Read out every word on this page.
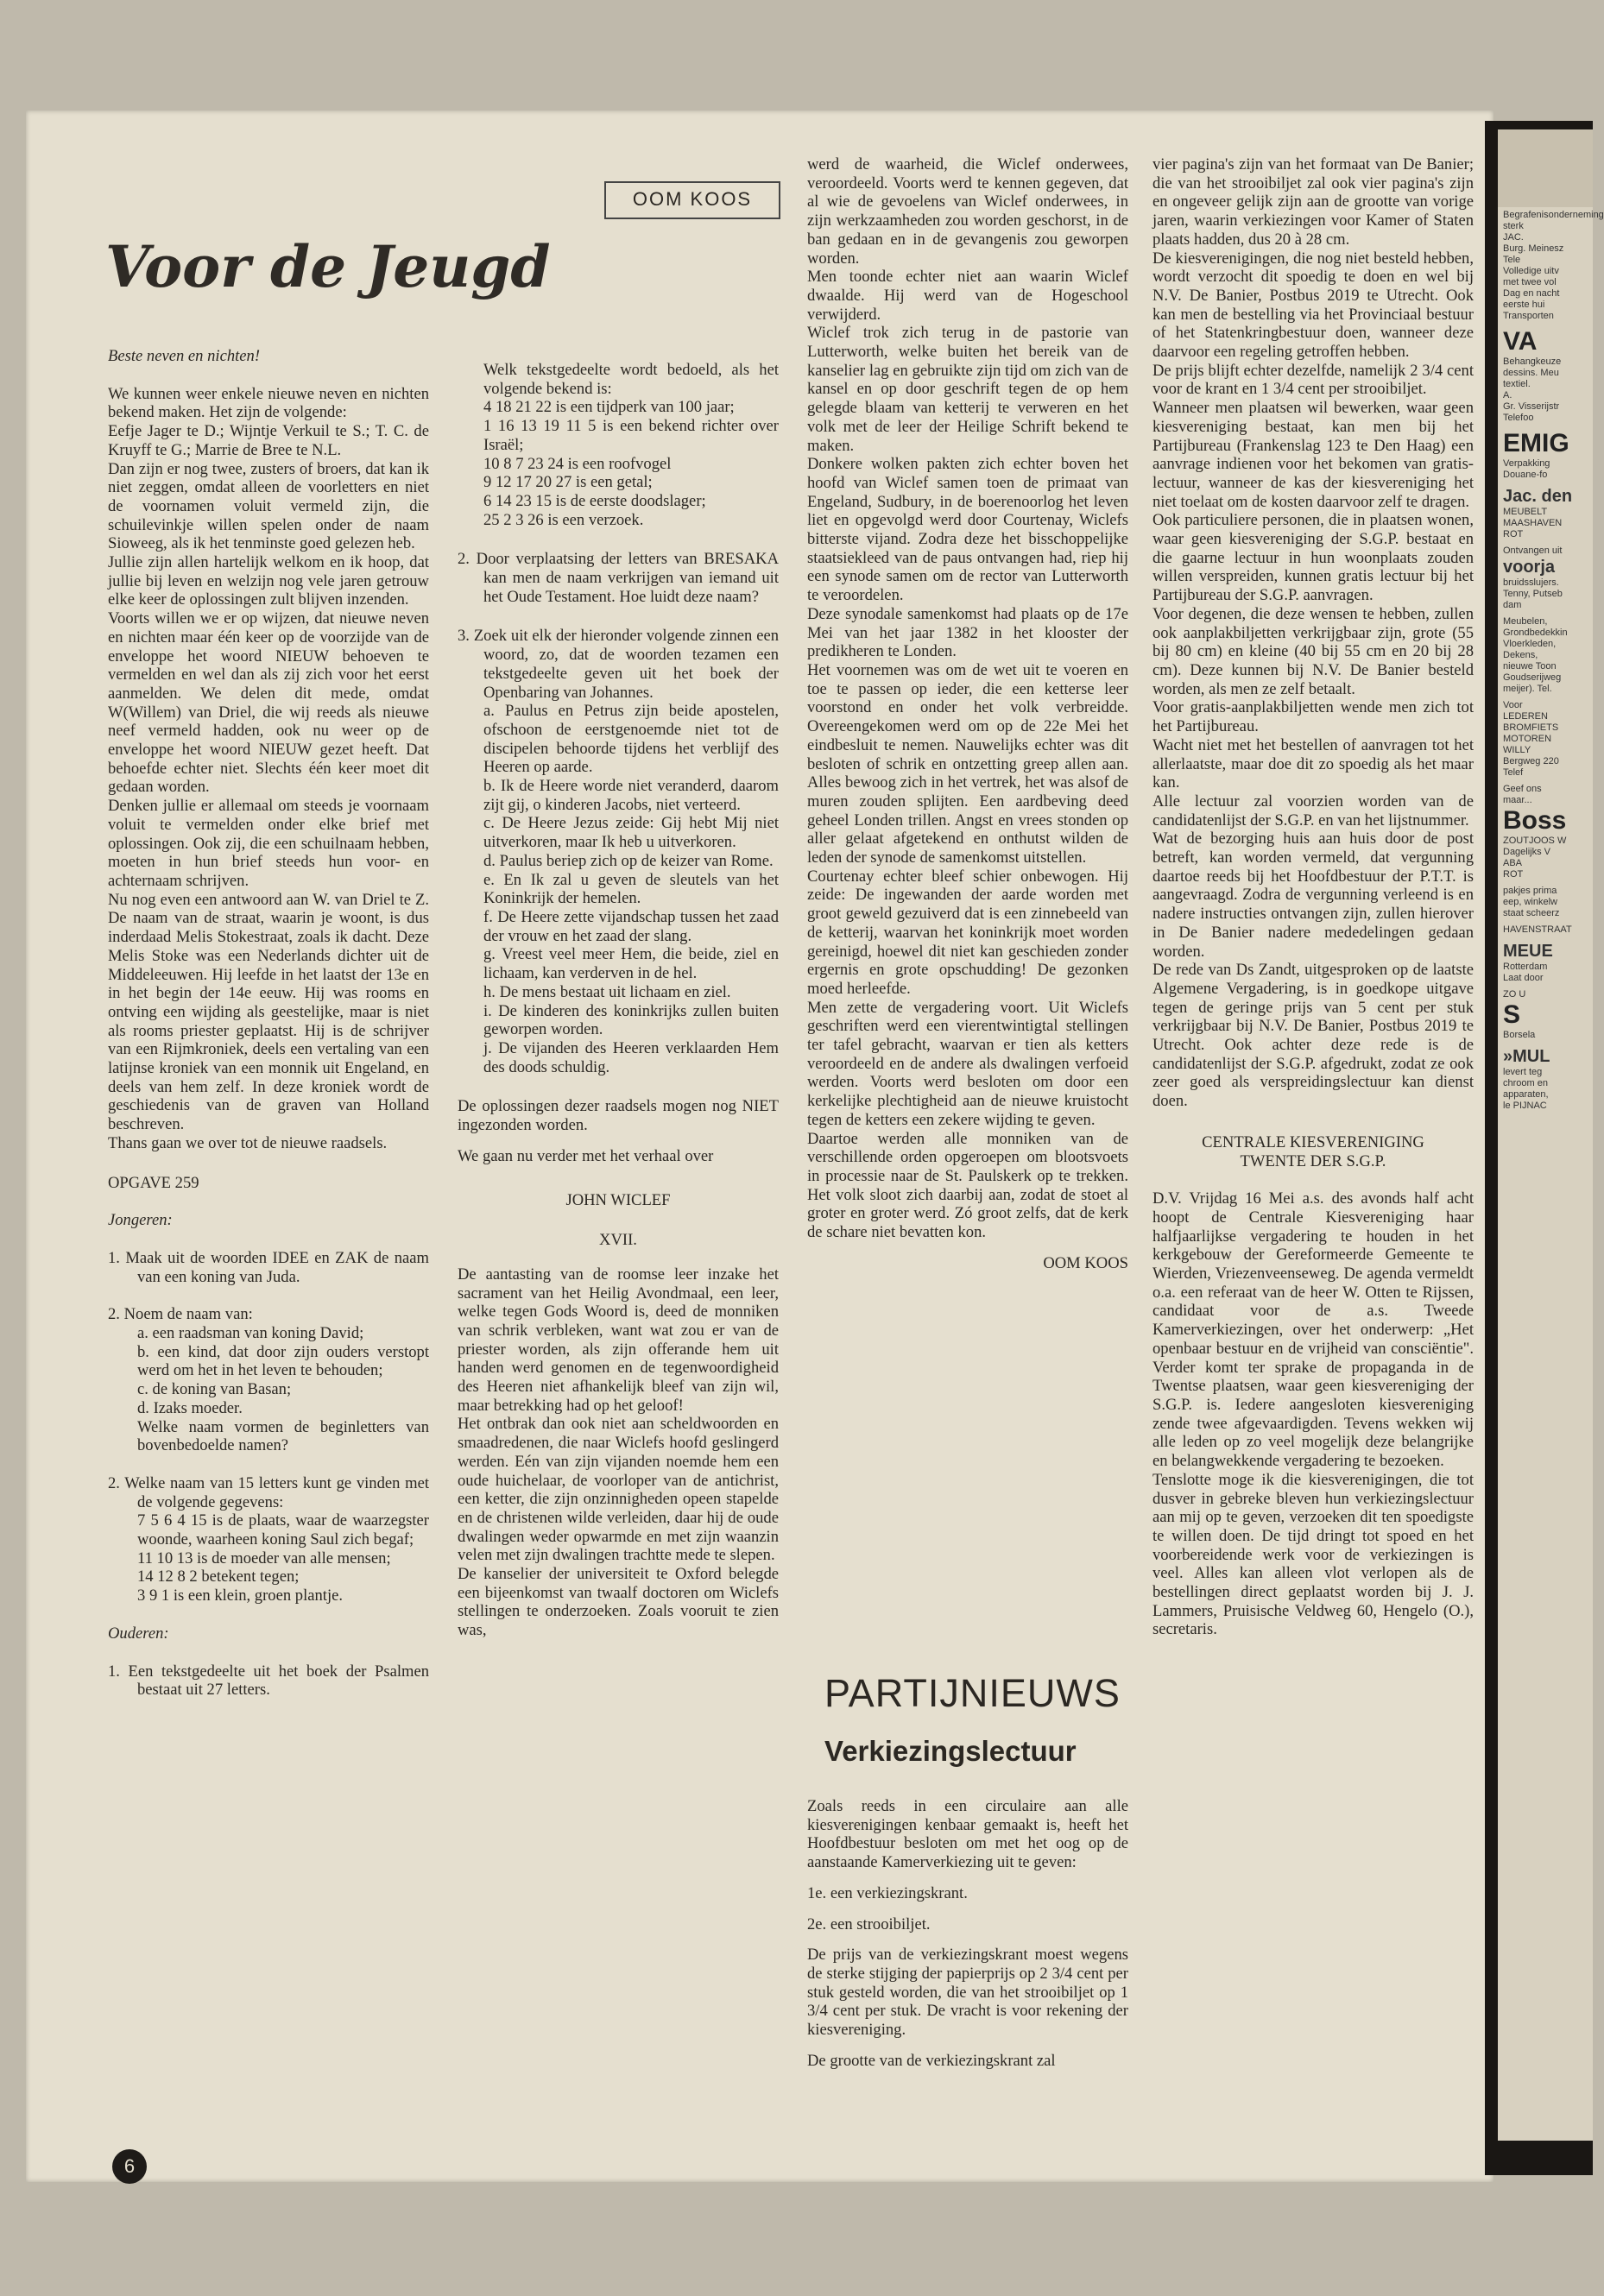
OOM KOOS
Voor de Jeugd

Beste neven en nichten!

We kunnen weer enkele nieuwe neven en nichten bekend maken. Het zijn de volgende:

Eefje Jager te D.; Wijntje Verkuil te S.; T. C. de Kruyff te G.; Marrie de Bree te N.L.

Dan zijn er nog twee, zusters of broers, dat kan ik niet zeggen, omdat alleen de voorletters en niet de voornamen voluit vermeld zijn, die schuilevinkje willen spelen onder de naam Sioweeg, als ik het tenminste goed gelezen heb.

Jullie zijn allen hartelijk welkom en ik hoop, dat jullie bij leven en welzijn nog vele jaren getrouw elke keer de oplossingen zult blijven inzenden.

Voorts willen we er op wijzen, dat nieuwe neven en nichten maar één keer op de voorzijde van de enveloppe het woord NIEUW behoeven te vermelden en wel dan als zij zich voor het eerst aanmelden. We delen dit mede, omdat W(Willem) van Driel, die wij reeds als nieuwe neef vermeld hadden, ook nu weer op de enveloppe het woord NIEUW gezet heeft. Dat behoefde echter niet. Slechts één keer moet dit gedaan worden.

Denken jullie er allemaal om steeds je voornaam voluit te vermelden onder elke brief met oplossingen. Ook zij, die een schuilnaam hebben, moeten in hun brief steeds hun voor- en achternaam schrijven.

Nu nog even een antwoord aan W. van Driel te Z. De naam van de straat, waarin je woont, is dus inderdaad Melis Stokestraat, zoals ik dacht. Deze Melis Stoke was een Nederlands dichter uit de Middeleeuwen. Hij leefde in het laatst der 13e en in het begin der 14e eeuw. Hij was rooms en ontving een wijding als geestelijke, maar is niet als rooms priester geplaatst. Hij is de schrijver van een Rijmkroniek, deels een vertaling van een latijnse kroniek van een monnik uit Engeland, en deels van hem zelf. In deze kroniek wordt de geschiedenis van de graven van Holland beschreven.

Thans gaan we over tot de nieuwe raadsels.

OPGAVE 259

Jongeren:

1. Maak uit de woorden IDEE en ZAK de naam van een koning van Juda.

2. Noem de naam van:

a. een raadsman van koning David;

b. een kind, dat door zijn ouders verstopt werd om het in het leven te behouden;

c. de koning van Basan;

d. Izaks moeder.

Welke naam vormen de beginletters van bovenbedoelde namen?

2. Welke naam van 15 letters kunt ge vinden met de volgende gegevens:

7 5 6 4 15 is de plaats, waar de waarzegster woonde, waarheen koning Saul zich begaf;

11 10 13 is de moeder van alle mensen;

14 12 8 2 betekent tegen;

3 9 1 is een klein, groen plantje.

Ouderen:

1. Een tekstgedeelte uit het boek der Psalmen bestaat uit 27 letters.

Welk tekstgedeelte wordt bedoeld, als het volgende bekend is:

4 18 21 22 is een tijdperk van 100 jaar;

1 16 13 19 11 5 is een bekend richter over Israël;

10 8 7 23 24 is een roofvogel

9 12 17 20 27 is een getal;

6 14 23 15 is de eerste doodslager;

25 2 3 26 is een verzoek.

2. Door verplaatsing der letters van BRESAKA kan men de naam verkrijgen van iemand uit het Oude Testament. Hoe luidt deze naam?

3. Zoek uit elk der hieronder volgende zinnen een woord, zo, dat de woorden tezamen een tekstgedeelte geven uit het boek der Openbaring van Johannes.

a. Paulus en Petrus zijn beide apostelen, ofschoon de eerstgenoemde niet tot de discipelen behoorde tijdens het verblijf des Heeren op aarde.

b. Ik de Heere worde niet veranderd, daarom zijt gij, o kinderen Jacobs, niet verteerd.

c. De Heere Jezus zeide: Gij hebt Mij niet uitverkoren, maar Ik heb u uitverkoren.

d. Paulus beriep zich op de keizer van Rome.

e. En Ik zal u geven de sleutels van het Koninkrijk der hemelen.

f. De Heere zette vijandschap tussen het zaad der vrouw en het zaad der slang.

g. Vreest veel meer Hem, die beide, ziel en lichaam, kan verderven in de hel.

h. De mens bestaat uit lichaam en ziel.

i. De kinderen des koninkrijks zullen buiten geworpen worden.

j. De vijanden des Heeren verklaarden Hem des doods schuldig.

De oplossingen dezer raadsels mogen nog NIET ingezonden worden.

We gaan nu verder met het verhaal over

JOHN WICLEF

XVII.

De aantasting van de roomse leer inzake het sacrament van het Heilig Avondmaal, een leer, welke tegen Gods Woord is, deed de monniken van schrik verbleken, want wat zou er van de priester worden, als zijn offerande hem uit handen werd genomen en de tegenwoordigheid des Heeren niet afhankelijk bleef van zijn wil, maar betrekking had op het geloof!

Het ontbrak dan ook niet aan scheldwoorden en smaadredenen, die naar Wiclefs hoofd geslingerd werden. Eén van zijn vijanden noemde hem een oude huichelaar, de voorloper van de antichrist, een ketter, die zijn onzinnigheden opeen stapelde en de christenen wilde verleiden, daar hij de oude dwalingen weder opwarmde en met zijn waanzin velen met zijn dwalingen trachtte mede te slepen.

De kanselier der universiteit te Oxford belegde een bijeenkomst van twaalf doctoren om Wiclefs stellingen te onderzoeken. Zoals vooruit te zien was,

werd de waarheid, die Wiclef onderwees, veroordeeld. Voorts werd te kennen gegeven, dat al wie de gevoelens van Wiclef onderwees, in zijn werkzaamheden zou worden geschorst, in de ban gedaan en in de gevangenis zou geworpen worden.

Men toonde echter niet aan waarin Wiclef dwaalde. Hij werd van de Hogeschool verwijderd.

Wiclef trok zich terug in de pastorie van Lutterworth, welke buiten het bereik van de kanselier lag en gebruikte zijn tijd om zich van de kansel en op door geschrift tegen de op hem gelegde blaam van ketterij te verweren en het volk met de leer der Heilige Schrift bekend te maken.

Donkere wolken pakten zich echter boven het hoofd van Wiclef samen toen de primaat van Engeland, Sudbury, in de boerenoorlog het leven liet en opgevolgd werd door Courtenay, Wiclefs bitterste vijand. Zodra deze het bisschoppelijke staatsiekleed van de paus ontvangen had, riep hij een synode samen om de rector van Lutterworth te veroordelen.

Deze synodale samenkomst had plaats op de 17e Mei van het jaar 1382 in het klooster der predikheren te Londen.

Het voornemen was om de wet uit te voeren en toe te passen op ieder, die een ketterse leer voorstond en onder het volk verbreidde. Overeengekomen werd om op de 22e Mei het eindbesluit te nemen. Nauwelijks echter was dit besloten of schrik en ontzetting greep allen aan. Alles bewoog zich in het vertrek, het was alsof de muren zouden splijten. Een aardbeving deed geheel Londen trillen. Angst en vrees stonden op aller gelaat afgetekend en onthutst wilden de leden der synode de samenkomst uitstellen.

Courtenay echter bleef schier onbewogen. Hij zeide: De ingewanden der aarde worden met groot geweld gezuiverd dat is een zinnebeeld van de ketterij, waarvan het koninkrijk moet worden gereinigd, hoewel dit niet kan geschieden zonder ergernis en grote opschudding! De gezonken moed herleefde.

Men zette de vergadering voort. Uit Wiclefs geschriften werd een vierentwintigtal stellingen ter tafel gebracht, waarvan er tien als ketters veroordeeld en de andere als dwalingen verfoeid werden. Voorts werd besloten om door een kerkelijke plechtigheid aan de nieuwe kruistocht tegen de ketters een zekere wijding te geven.

Daartoe werden alle monniken van de verschillende orden opgeroepen om blootsvoets in processie naar de St. Paulskerk op te trekken. Het volk sloot zich daarbij aan, zodat de stoet al groter en groter werd. Zó groot zelfs, dat de kerk de schare niet bevatten kon.

OOM KOOS

PARTIJNIEUWS
Verkiezingslectuur

Zoals reeds in een circulaire aan alle kiesverenigingen kenbaar gemaakt is, heeft het Hoofdbestuur besloten om met het oog op de aanstaande Kamerverkiezing uit te geven:

1e. een verkiezingskrant.

2e. een strooibiljet.

De prijs van de verkiezingskrant moest wegens de sterke stijging der papierprijs op 2 3/4 cent per stuk gesteld worden, die van het strooibiljet op 1 3/4 cent per stuk. De vracht is voor rekening der kiesvereniging.

De grootte van de verkiezingskrant zal

vier pagina's zijn van het formaat van De Banier; die van het strooibiljet zal ook vier pagina's zijn en ongeveer gelijk zijn aan de grootte van vorige jaren, waarin verkiezingen voor Kamer of Staten plaats hadden, dus 20 à 28 cm.

De kiesverenigingen, die nog niet besteld hebben, wordt verzocht dit spoedig te doen en wel bij N.V. De Banier, Postbus 2019 te Utrecht. Ook kan men de bestelling via het Provinciaal bestuur of het Statenkringbestuur doen, wanneer deze daarvoor een regeling getroffen hebben.

De prijs blijft echter dezelfde, namelijk 2 3/4 cent voor de krant en 1 3/4 cent per strooibiljet.

Wanneer men plaatsen wil bewerken, waar geen kiesvereniging bestaat, kan men bij het Partijbureau (Frankenslag 123 te Den Haag) een aanvrage indienen voor het bekomen van gratis-lectuur, wanneer de kas der kiesvereniging het niet toelaat om de kosten daarvoor zelf te dragen.

Ook particuliere personen, die in plaatsen wonen, waar geen kiesvereniging der S.G.P. bestaat en die gaarne lectuur in hun woonplaats zouden willen verspreiden, kunnen gratis lectuur bij het Partijbureau der S.G.P. aanvragen.

Voor degenen, die deze wensen te hebben, zullen ook aanplakbiljetten verkrijgbaar zijn, grote (55 bij 80 cm) en kleine (40 bij 55 cm en 20 bij 28 cm). Deze kunnen bij N.V. De Banier besteld worden, als men ze zelf betaalt.

Voor gratis-aanplakbiljetten wende men zich tot het Partijbureau.

Wacht niet met het bestellen of aanvragen tot het allerlaatste, maar doe dit zo spoedig als het maar kan.

Alle lectuur zal voorzien worden van de candidatenlijst der S.G.P. en van het lijstnummer.

Wat de bezorging huis aan huis door de post betreft, kan worden vermeld, dat vergunning daartoe reeds bij het Hoofdbestuur der P.T.T. is aangevraagd. Zodra de vergunning verleend is en nadere instructies ontvangen zijn, zullen hierover in De Banier nadere mededelingen gedaan worden.

De rede van Ds Zandt, uitgesproken op de laatste Algemene Vergadering, is in goedkope uitgave tegen de geringe prijs van 5 cent per stuk verkrijgbaar bij N.V. De Banier, Postbus 2019 te Utrecht. Ook achter deze rede is de candidatenlijst der S.G.P. afgedrukt, zodat ze ook zeer goed als verspreidingslectuur kan dienst doen.

CENTRALE KIESVERENIGING TWENTE DER S.G.P.

D.V. Vrijdag 16 Mei a.s. des avonds half acht hoopt de Centrale Kiesvereniging haar halfjaarlijkse vergadering te houden in het kerkgebouw der Gereformeerde Gemeente te Wierden, Vriezenveenseweg. De agenda vermeldt o.a. een referaat van de heer W. Otten te Rijssen, candidaat voor de a.s. Tweede Kamerverkiezingen, over het onderwerp: „Het openbaar bestuur en de vrijheid van consciëntie". Verder komt ter sprake de propaganda in de Twentse plaatsen, waar geen kiesvereniging der S.G.P. is. Iedere aangesloten kiesvereniging zende twee afgevaardigden. Tevens wekken wij alle leden op zo veel mogelijk deze belangrijke en belangwekkende vergadering te bezoeken.

Tenslotte moge ik die kiesverenigingen, die tot dusver in gebreke bleven hun verkiezingslectuur aan mij op te geven, verzoeken dit ten spoedigste te willen doen. De tijd dringt tot spoed en het voorbereidende werk voor de verkiezingen is veel. Alles kan alleen vlot verlopen als de bestellingen direct geplaatst worden bij J. J. Lammers, Pruisische Veldweg 60, Hengelo (O.), secretaris.

Begrafenisonderneming
sterk
JAC.
Burg. Meinesz
Tele
Volledige uitv
met twee vol
Dag en nacht
eerste hui
Transporten
VA
Behangkeuze
dessins. Meu
textiel.
A.
Gr. Visserijstr
Telefoo
EMIG
Verpakking
Douane-fo
Jac. den
MEUBELT
MAASHAVEN
ROT
Ontvangen uit
voorja
bruidsslujers.
Tenny, Putseb
dam
Meubelen,
Grondbedekkin
Vloerkleden,
Dekens,
nieuwe Toon
Goudserijweg
meijer). Tel.
Voor
LEDEREN
BROMFIETS
MOTOREN
WILLY
Bergweg 220
Telef
Geef ons
maar...
Boss
ZOUTJOOS W
Dagelijks V
ABA
ROT
pakjes prima
eep, winkelw
staat scheerz
HAVENSTRAAT
MEUE
Rotterdam
Laat door
ZO U
S
Borsela
»MUL
levert teg
chroom en
apparaten,
le PIJNAC
6
